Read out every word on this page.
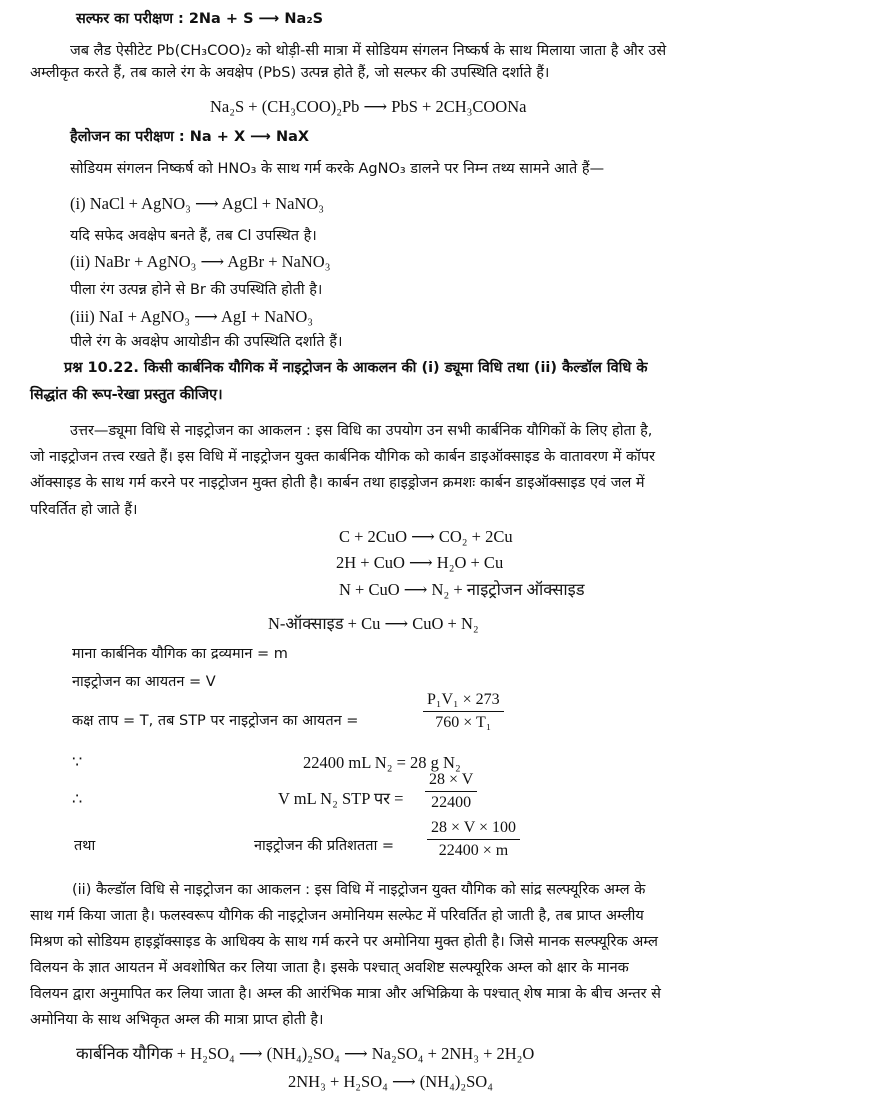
सल्फर का परीक्षण : 2Na + S ⟶ Na₂S
जब लैड ऐसीटेट Pb(CH₃COO)₂ को थोड़ी-सी मात्रा में सोडियम संगलन निष्कर्ष के साथ मिलाया जाता है और उसे
अम्लीकृत करते हैं, तब काले रंग के अवक्षेप (PbS) उत्पन्न होते हैं, जो सल्फर की उपस्थिति दर्शाते हैं।
Na₂S + (CH₃COO)₂Pb ⟶ PbS + 2CH₃COONa
हैलोजन का परीक्षण : Na + X ⟶ NaX
सोडियम संगलन निष्कर्ष को HNO₃ के साथ गर्म करके AgNO₃ डालने पर निम्न तथ्य सामने आते हैं—
(i) NaCl + AgNO₃ ⟶ AgCl + NaNO₃
यदि सफेद अवक्षेप बनते हैं, तब Cl उपस्थित है।
(ii) NaBr + AgNO₃ ⟶ AgBr + NaNO₃
पीला रंग उत्पन्न होने से Br की उपस्थिति होती है।
(iii) NaI + AgNO₃ ⟶ AgI + NaNO₃
पीले रंग के अवक्षेप आयोडीन की उपस्थिति दर्शाते हैं।
प्रश्न 10.22. किसी कार्बनिक यौगिक में नाइट्रोजन के आकलन की (i) ड्यूमा विधि तथा (ii) कैल्डॉल विधि के
सिद्धांत की रूप-रेखा प्रस्तुत कीजिए।
उत्तर—ड्यूमा विधि से नाइट्रोजन का आकलन : इस विधि का उपयोग उन सभी कार्बनिक यौगिकों के लिए होता है,
जो नाइट्रोजन तत्त्व रखते हैं। इस विधि में नाइट्रोजन युक्त कार्बनिक यौगिक को कार्बन डाइऑक्साइड के वातावरण में कॉपर
ऑक्साइड के साथ गर्म करने पर नाइट्रोजन मुक्त होती है। कार्बन तथा हाइड्रोजन क्रमशः कार्बन डाइऑक्साइड एवं जल में
परिवर्तित हो जाते हैं।
C + 2CuO ⟶ CO₂ + 2Cu
2H + CuO ⟶ H₂O + Cu
N + CuO ⟶ N₂ + नाइट्रोजन ऑक्साइड
N-ऑक्साइड + Cu ⟶ CuO + N₂
माना कार्बनिक यौगिक का द्रव्यमान = m
नाइट्रोजन का आयतन = V
कक्ष ताप = T, तब STP पर नाइट्रोजन का आयतन =	$\frac{\text{P₁V₁ × 273}}{\text{760 × T₁}}$
∵	22400 mL N₂ = 28 g N₂
∴	V mL N₂ STP पर = $\frac{28 \times V}{22400}$
तथा	नाइट्रोजन की प्रतिशतता = $\frac{28 \times V \times 100}{22400 \times m}$
(ii) कैल्डॉल विधि से नाइट्रोजन का आकलन : इस विधि में नाइट्रोजन युक्त यौगिक को सांद्र सल्फ्यूरिक अम्ल के
साथ गर्म किया जाता है। फलस्वरूप यौगिक की नाइट्रोजन अमोनियम सल्फेट में परिवर्तित हो जाती है, तब प्राप्त अम्लीय
मिश्रण को सोडियम हाइड्रॉक्साइड के आधिक्य के साथ गर्म करने पर अमोनिया मुक्त होती है। जिसे मानक सल्फ्यूरिक अम्ल
विलयन के ज्ञात आयतन में अवशोषित कर लिया जाता है। इसके पश्चात् अवशिष्ट सल्फ्यूरिक अम्ल को क्षार के मानक
विलयन द्वारा अनुमापित कर लिया जाता है। अम्ल की आरंभिक मात्रा और अभिक्रिया के पश्चात् शेष मात्रा के बीच अन्तर से
अमोनिया के साथ अभिकृत अम्ल की मात्रा प्राप्त होती है।
कार्बनिक यौगिक + H₂SO₄ ⟶ (NH₄)₂SO₄ ⟶ Na₂SO₄ + 2NH₃ + 2H₂O
2NH₃ + H₂SO₄ ⟶ (NH₄)₂SO₄
